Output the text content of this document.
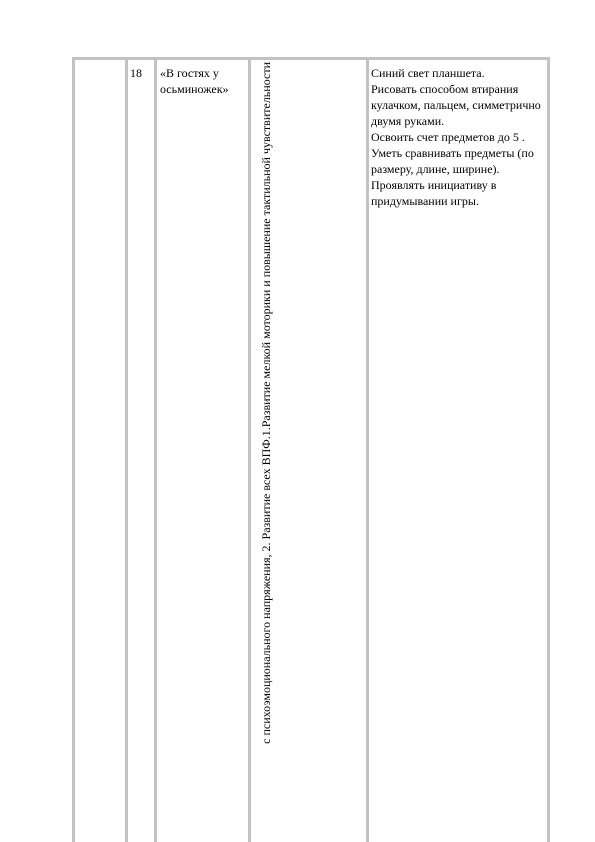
18 «В гостях у осьминожек»	с психоэмоционального напряжения, 2. Развитие всех ВПФ.1.Развитие мелкой моторики и повышение тактильной чувствительности	Синий свет планшета.
Рисовать способом втирания кулачком, пальцем, симметрично двумя руками.
Освоить счет предметов до 5 .
Уметь сравнивать предметы (по размеру, длине, ширине).
Проявлять инициативу в придумывании игры.
